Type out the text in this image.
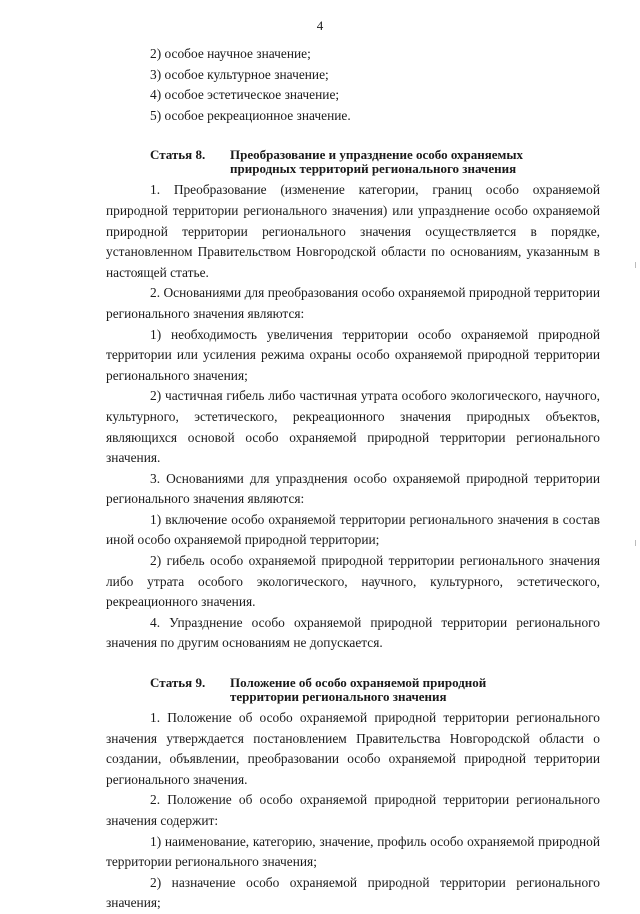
4
2) особое научное значение;
3) особое культурное значение;
4) особое эстетическое значение;
5) особое рекреационное значение.
Статья 8.	Преобразование и упразднение особо охраняемых
природных территорий регионального значения
1. Преобразование (изменение категории, границ особо охраняемой природной территории регионального значения) или упразднение особо охраняемой природной территории регионального значения осуществляется в порядке, установленном Правительством Новгородской области по основаниям, указанным в настоящей статье.
2. Основаниями для преобразования особо охраняемой природной территории регионального значения являются:
1) необходимость увеличения территории особо охраняемой природной территории или усиления режима охраны особо охраняемой природной территории регионального значения;
2) частичная гибель либо частичная утрата особого экологического, научного, культурного, эстетического, рекреационного значения природных объектов, являющихся основой особо охраняемой природной территории регионального значения.
3. Основаниями для упразднения особо охраняемой природной территории регионального значения являются:
1) включение особо охраняемой территории регионального значения в состав иной особо охраняемой природной территории;
2) гибель особо охраняемой природной территории регионального значения либо утрата особого экологического, научного, культурного, эстетического, рекреационного значения.
4. Упразднение особо охраняемой природной территории регионального значения по другим основаниям не допускается.
Статья 9.	Положение об особо охраняемой природной
территории регионального значения
1. Положение об особо охраняемой природной территории регионального значения утверждается постановлением Правительства Новгородской области о создании, объявлении, преобразовании особо охраняемой природной территории регионального значения.
2. Положение об особо охраняемой природной территории регионального значения содержит:
1) наименование, категорию, значение, профиль особо охраняемой природной территории регионального значения;
2) назначение особо охраняемой природной территории регионального значения;
